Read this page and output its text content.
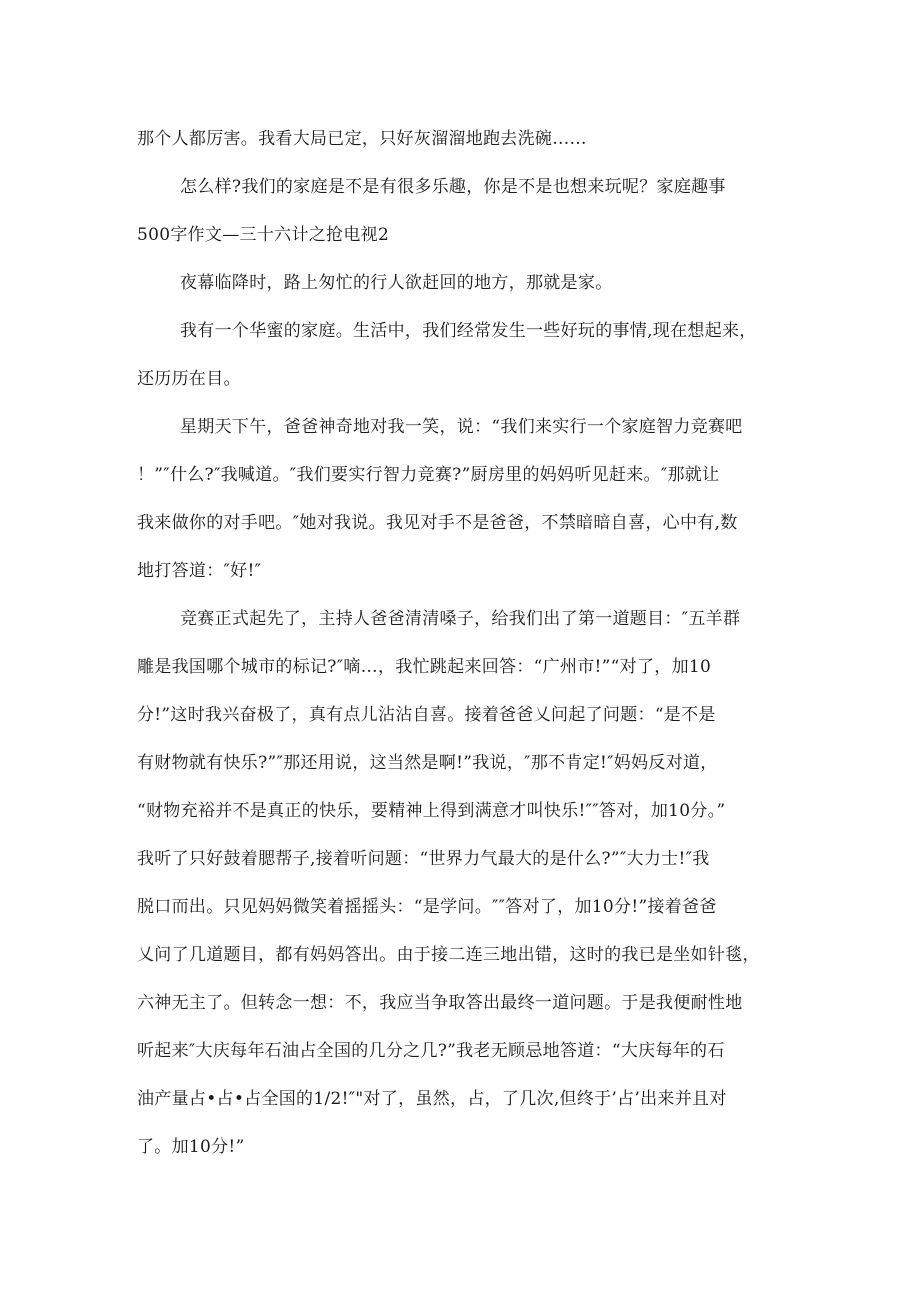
那个人都厉害。我看大局已定，只好灰溜溜地跑去洗碗……
怎么样?我们的家庭是不是有很多乐趣，你是不是也想来玩呢？家庭趣事
500字作文—三十六计之抢电视2
夜幕临降时，路上匆忙的行人欲赶回的地方，那就是家。
我有一个华蜜的家庭。生活中，我们经常发生一些好玩的事情,现在想起来，
还历历在目。
星期天下午，爸爸神奇地对我一笑，说：“我们来实行一个家庭智力竞赛吧
！”″什么?″我喊道。″我们要实行智力竞赛?”厨房里的妈妈听见赶来。″那就让
我来做你的对手吧。″她对我说。我见对手不是爸爸，不禁暗暗自喜，心中有,数
地打答道：″好!″
竞赛正式起先了，主持人爸爸清清嗓子，给我们出了第一道题目：″五羊群
雕是我国哪个城市的标记?″嘀…，我忙跳起来回答：“广州市!”“对了，加10
分!”这时我兴奋极了，真有点儿沾沾自喜。接着爸爸乂问起了问题：“是不是
有财物就有快乐?”″那还用说，这当然是啊!”我说，″那不肯定!″妈妈反对道，
“财物充裕并不是真正的快乐，要精神上得到满意才叫快乐!″″答对，加10分。”
我听了只好鼓着腮帮子,接着听问题：“世界力气最大的是什么?”″大力士!″我
脱口而出。只见妈妈微笑着摇摇头：“是学问。″″答对了，加10分!”接着爸爸
乂问了几道题目，都有妈妈答出。由于接二连三地出错，这时的我已是坐如针毯，
六神无主了。但转念一想：不，我应当争取答出最终一道问题。于是我便耐性地
听起来″大庆每年石油占全国的几分之几?”我老无顾忌地答道：“大庆每年的石
油产量占•占•占全国的1/2!″"对了，虽然，占，了几次,但终于’占’出来并且对
了。加10分!”
